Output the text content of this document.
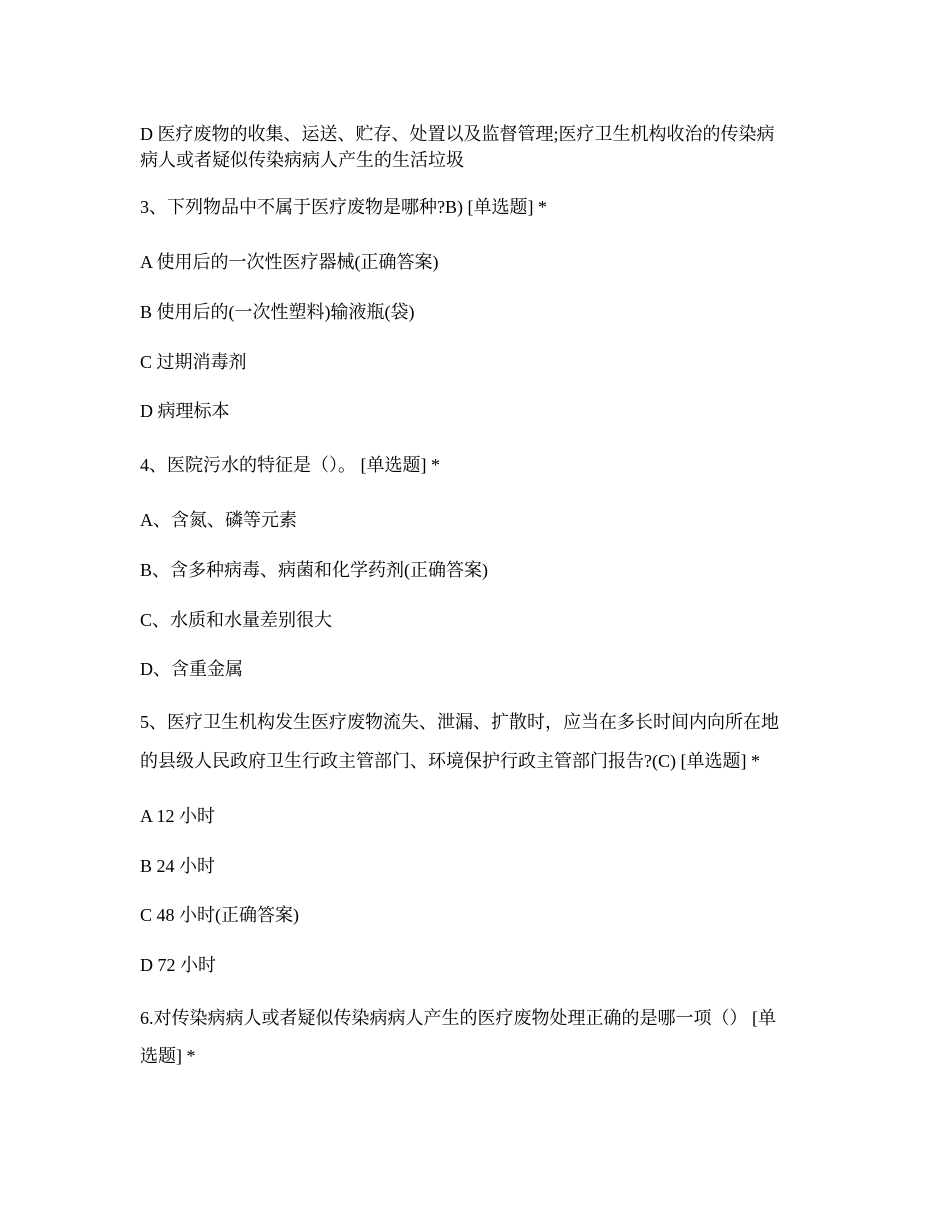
D 医疗废物的收集、运送、贮存、处置以及监督管理;医疗卫生机构收治的传染病
病人或者疑似传染病病人产生的生活垃圾
3、下列物品中不属于医疗废物是哪种?B) [单选题] *
A 使用后的一次性医疗器械(正确答案)
B 使用后的(一次性塑料)输液瓶(袋)
C 过期消毒剂
D 病理标本
4、医院污水的特征是（）。 [单选题] *
A、含氮、磷等元素
B、含多种病毒、病菌和化学药剂(正确答案)
C、水质和水量差别很大
D、含重金属
5、医疗卫生机构发生医疗废物流失、泄漏、扩散时，应当在多长时间内向所在地
的县级人民政府卫生行政主管部门、环境保护行政主管部门报告?(C) [单选题] *
A 12 小时
B 24 小时
C 48 小时(正确答案)
D 72 小时
6.对传染病病人或者疑似传染病病人产生的医疗废物处理正确的是哪一项（） [单
选题] *
